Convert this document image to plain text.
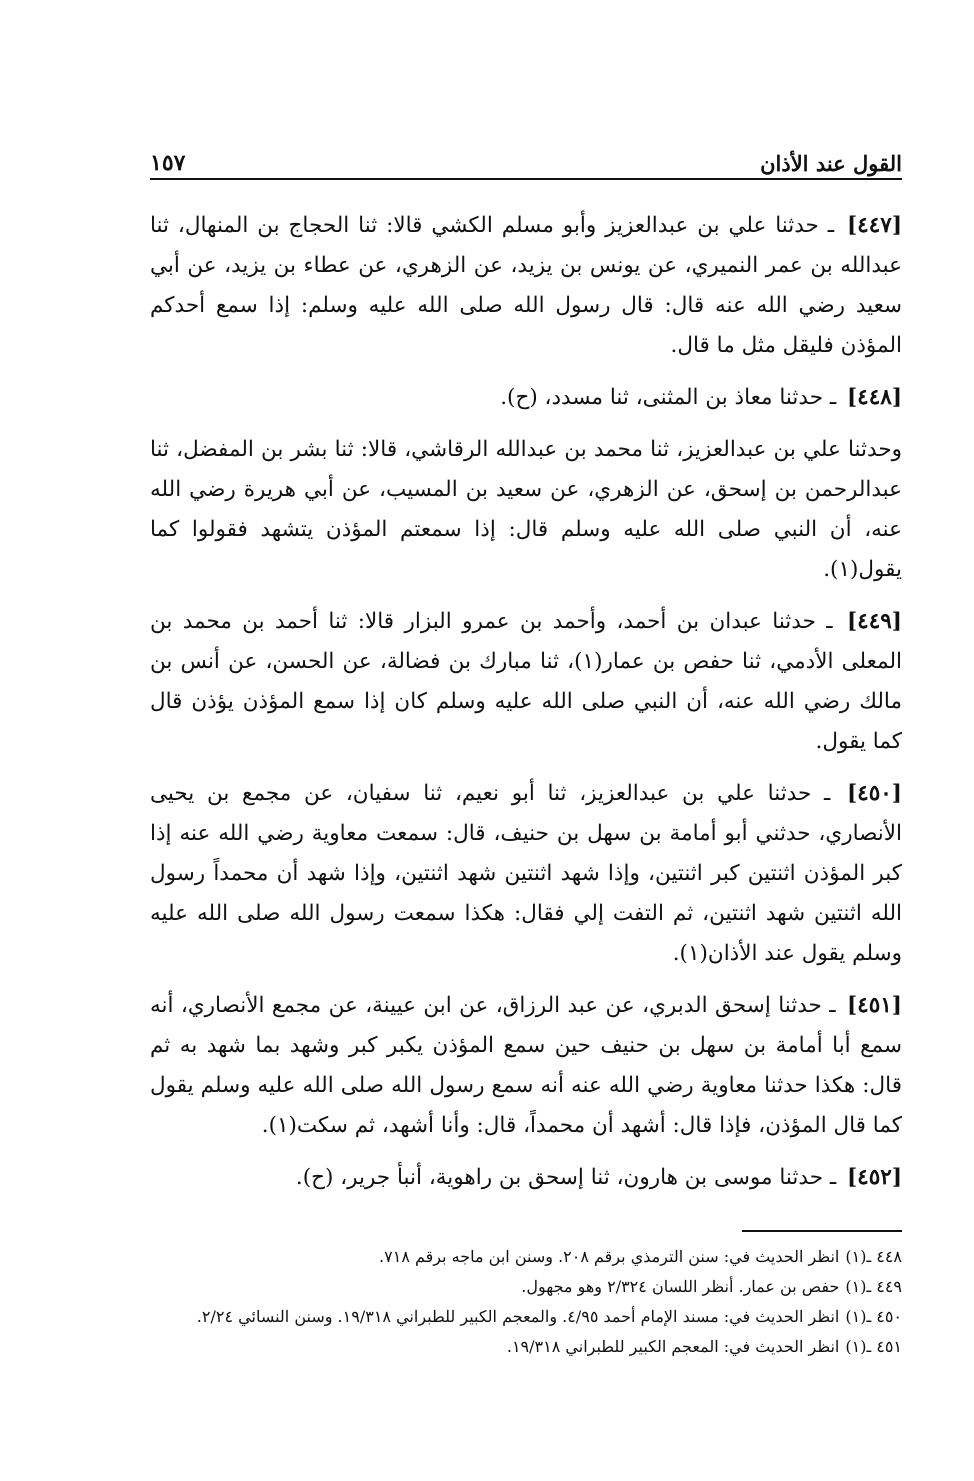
القول عند الأذان
١٥٧

[٤٤٧] ـ حدثنا علي بن عبدالعزيز وأبو مسلم الكشي قالا: ثنا الحجاج بن المنهال، ثنا عبدالله بن عمر النميري، عن يونس بن يزيد، عن الزهري، عن عطاء بن يزيد، عن أبي سعيد رضي الله عنه قال: قال رسول الله صلى الله عليه وسلم: إذا سمع أحدكم المؤذن فليقل مثل ما قال.

[٤٤٨] ـ حدثنا معاذ بن المثنى، ثنا مسدد، (ح).

وحدثنا علي بن عبدالعزيز، ثنا محمد بن عبدالله الرقاشي، قالا: ثنا بشر بن المفضل، ثنا عبدالرحمن بن إسحق، عن الزهري، عن سعيد بن المسيب، عن أبي هريرة رضي الله عنه، أن النبي صلى الله عليه وسلم قال: إذا سمعتم المؤذن يتشهد فقولوا كما يقول(١).

[٤٤٩] ـ حدثنا عبدان بن أحمد، وأحمد بن عمرو البزار قالا: ثنا أحمد بن محمد بن المعلى الأدمي، ثنا حفص بن عمار(١)، ثنا مبارك بن فضالة، عن الحسن، عن أنس بن مالك رضي الله عنه، أن النبي صلى الله عليه وسلم كان إذا سمع المؤذن يؤذن قال كما يقول.

[٤٥٠] ـ حدثنا علي بن عبدالعزيز، ثنا أبو نعيم، ثنا سفيان، عن مجمع بن يحيى الأنصاري، حدثني أبو أمامة بن سهل بن حنيف، قال: سمعت معاوية رضي الله عنه إذا كبر المؤذن اثنتين كبر اثنتين، وإذا شهد اثنتين شهد اثنتين، وإذا شهد أن محمداً رسول الله اثنتين شهد اثنتين، ثم التفت إلي فقال: هكذا سمعت رسول الله صلى الله عليه وسلم يقول عند الأذان(١).

[٤٥١] ـ حدثنا إسحق الدبري، عن عبد الرزاق، عن ابن عيينة، عن مجمع الأنصاري، أنه سمع أبا أمامة بن سهل بن حنيف حين سمع المؤذن يكبر كبر وشهد بما شهد به ثم قال: هكذا حدثنا معاوية رضي الله عنه أنه سمع رسول الله صلى الله عليه وسلم يقول كما قال المؤذن، فإذا قال: أشهد أن محمداً، قال: وأنا أشهد، ثم سكت(١).

[٤٥٢] ـ حدثنا موسى بن هارون، ثنا إسحق بن راهوية، أنبأ جرير، (ح).

٤٤٨ ـ(١)انظر الحديث في: سنن الترمذي برقم ٢٠٨. وسنن ابن ماجه برقم ٧١٨.

٤٤٩ ـ(١)حفص بن عمار. أنظر اللسان ٢/٣٢٤ وهو مجهول.

٤٥٠ ـ(١)انظر الحديث في: مسند الإمام أحمد ٤/٩٥. والمعجم الكبير للطبراني ١٩/٣١٨. وسنن النسائي ٢/٢٤.

٤٥١ ـ(١)انظر الحديث في: المعجم الكبير للطبراني ١٩/٣١٨.
